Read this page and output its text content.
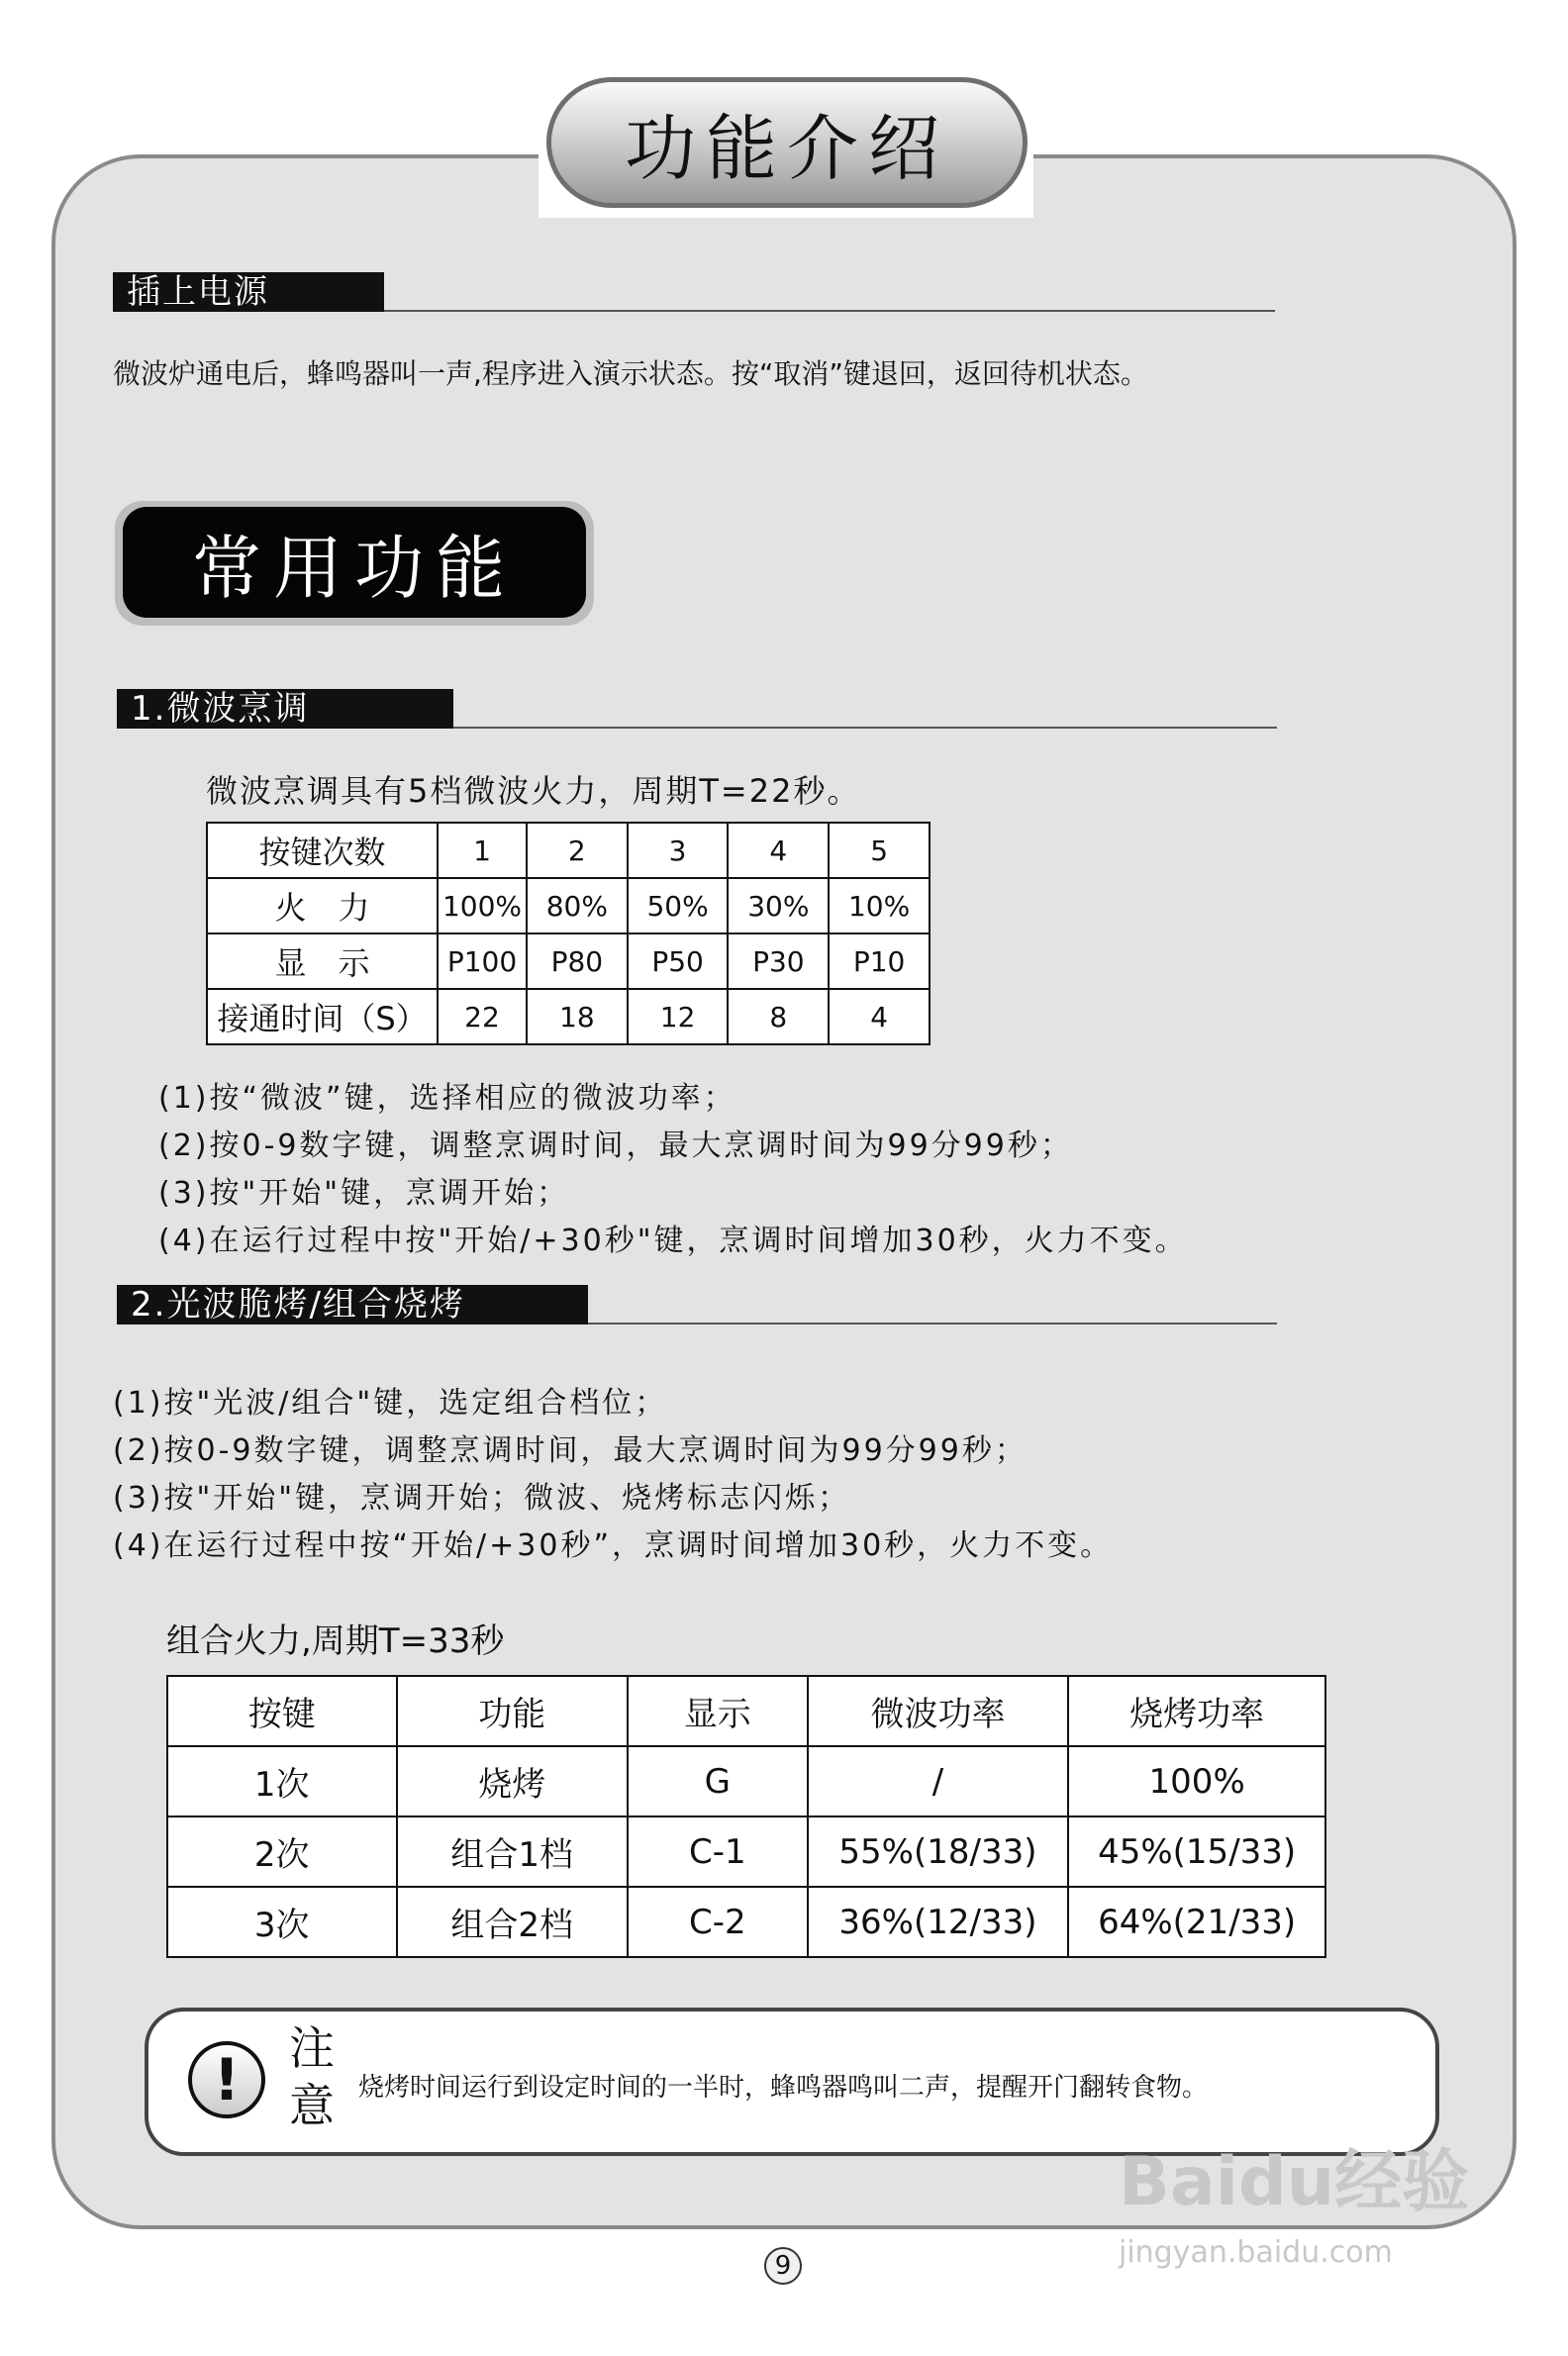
功能介绍
插上电源
微波炉通电后，蜂鸣器叫一声,程序进入演示状态。按“取消”键退回，返回待机状态。
常用功能
1.微波烹调
微波烹调具有5档微波火力，周期T=22秒。
按键次数	1	2	3	4	5
火　力	100%	80%	50%	30%	10%
显　示	P100	P80	P50	P30	P10
接通时间（S）	22	18	12	8	4
(1)按“微波”键，选择相应的微波功率；
(2)按0-9数字键，调整烹调时间，最大烹调时间为99分99秒；
(3)按"开始"键，烹调开始；
(4)在运行过程中按"开始/+30秒"键，烹调时间增加30秒，火力不变。
2.光波脆烤/组合烧烤
(1)按"光波/组合"键，选定组合档位；
(2)按0-9数字键，调整烹调时间，最大烹调时间为99分99秒；
(3)按"开始"键，烹调开始；微波、烧烤标志闪烁；
(4)在运行过程中按“开始/+30秒”，烹调时间增加30秒，火力不变。
组合火力,周期T=33秒
按键	功能	显示	微波功率	烧烤功率
1次	烧烤	G	/	100%
2次	组合1档	C-1	55%(18/33)	45%(15/33)
3次	组合2档	C-2	36%(12/33)	64%(21/33)
!	注
意 烧烤时间运行到设定时间的一半时，蜂鸣器鸣叫二声，提醒开门翻转食物。
9
Baidu经验
jingyan.baidu.com
